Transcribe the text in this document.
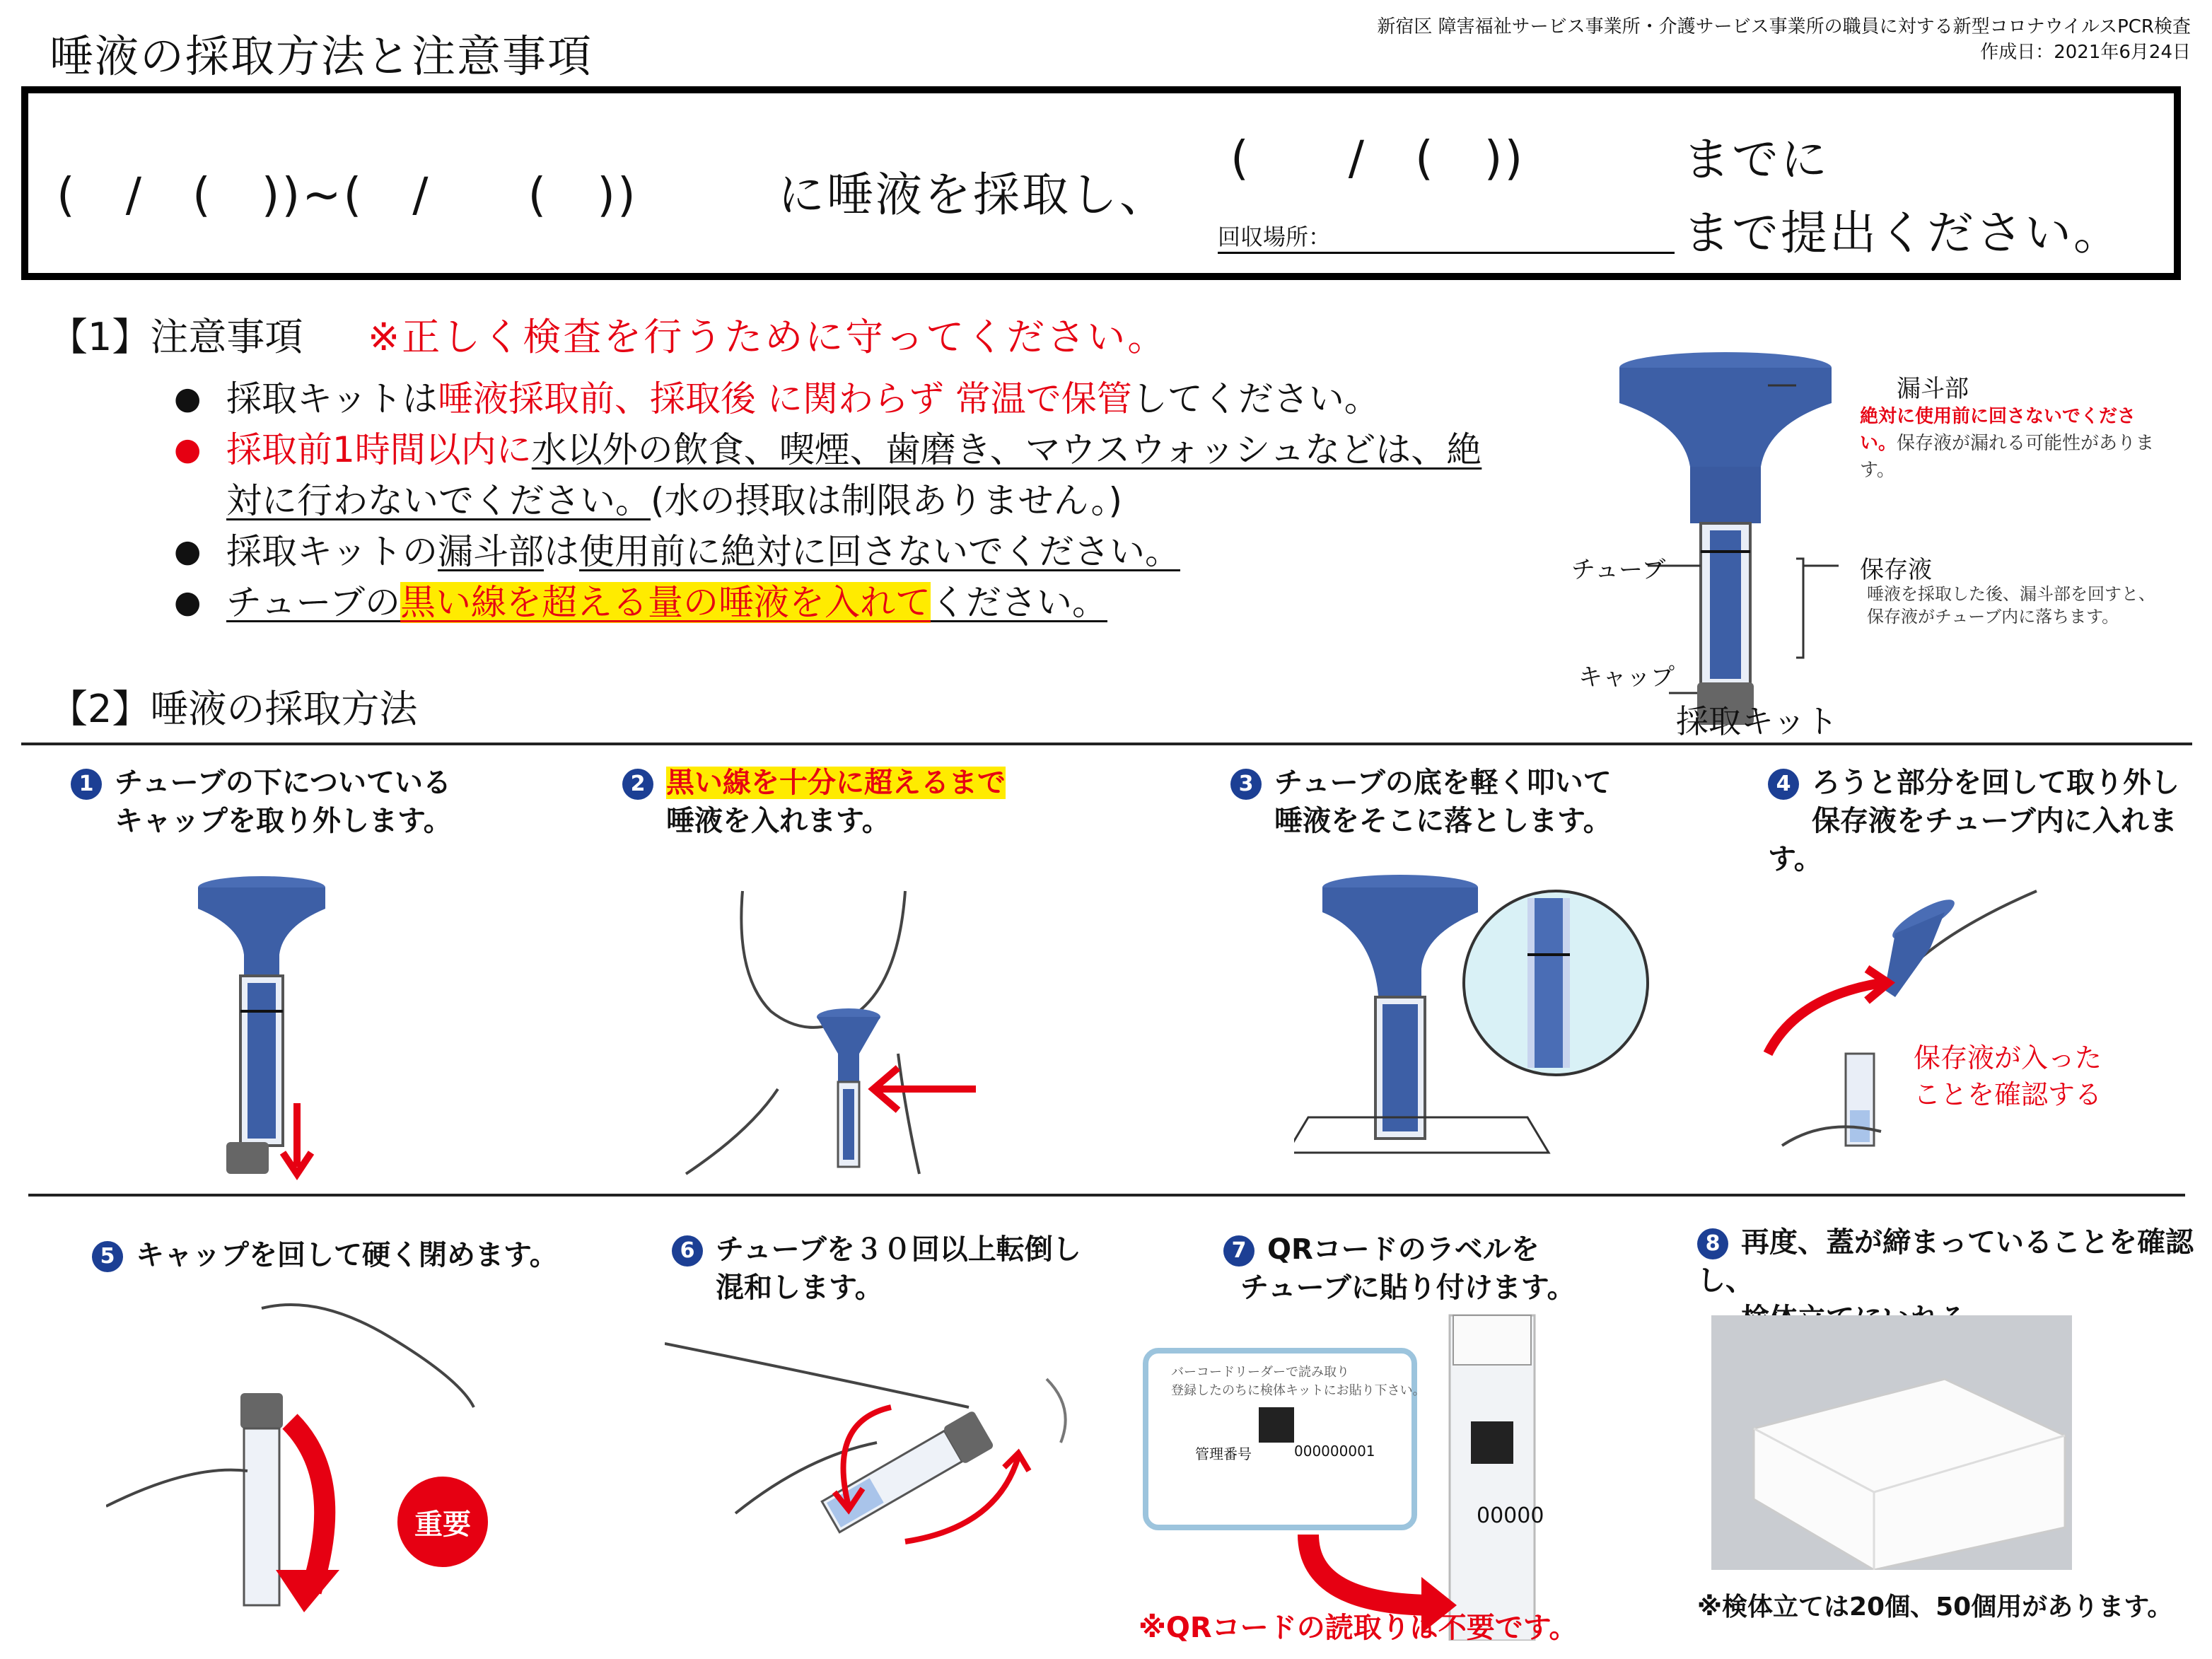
唾液の採取方法と注意事項
新宿区 障害福祉サービス事業所・介護サービス事業所の職員に対する新型コロナウイルスPCR検査
作成日：2021年6月24日
(　/　(　))~(　/　　(　))	に唾液を採取し、
(　　/　(　))	までに
回収場所：	まで提出ください。
【1】注意事項 ※正しく検査を行うために守ってください。
● 採取キットは唾液採取前、採取後 に関わらず 常温で保管してください。
● 採取前1時間以内に水以外の飲食、喫煙、歯磨き、マウスウォッシュなどは、絶
対に行わないでください。(水の摂取は制限ありません。)
● 採取キットの漏斗部は使用前に絶対に回さないでください。
● チューブの黒い線を超える量の唾液を入れてください。
漏斗部
絶対に使用前に回さないでください。保存液が漏れる可能性があります。
チューブ	保存液
唾液を採取した後、漏斗部を回すと、
保存液がチューブ内に落ちます。
キャップ
採取キット
【2】唾液の採取方法
1 チューブの下についている
キャップを取り外します。
2 黒い線を十分に超えるまで
唾液を入れます。
3 チューブの底を軽く叩いて
唾液をそこに落とします。
4 ろうと部分を回して取り外し
保存液をチューブ内に入れます。
保存液が入った
ことを確認する
5 キャップを回して硬く閉めます。	6 チューブを３０回以上転倒し
混和します。
7 QRコードのラベルを
チューブに貼り付けます。
8 再度、蓋が締まっていることを確認し、

重要
バーコードリーダーで読み取り
登録したのちに検体キットにお貼り下さい。
管理番号	000000001
00000
※QRコードの読取りは不要です。
※検体立ては20個、50個用があります。
